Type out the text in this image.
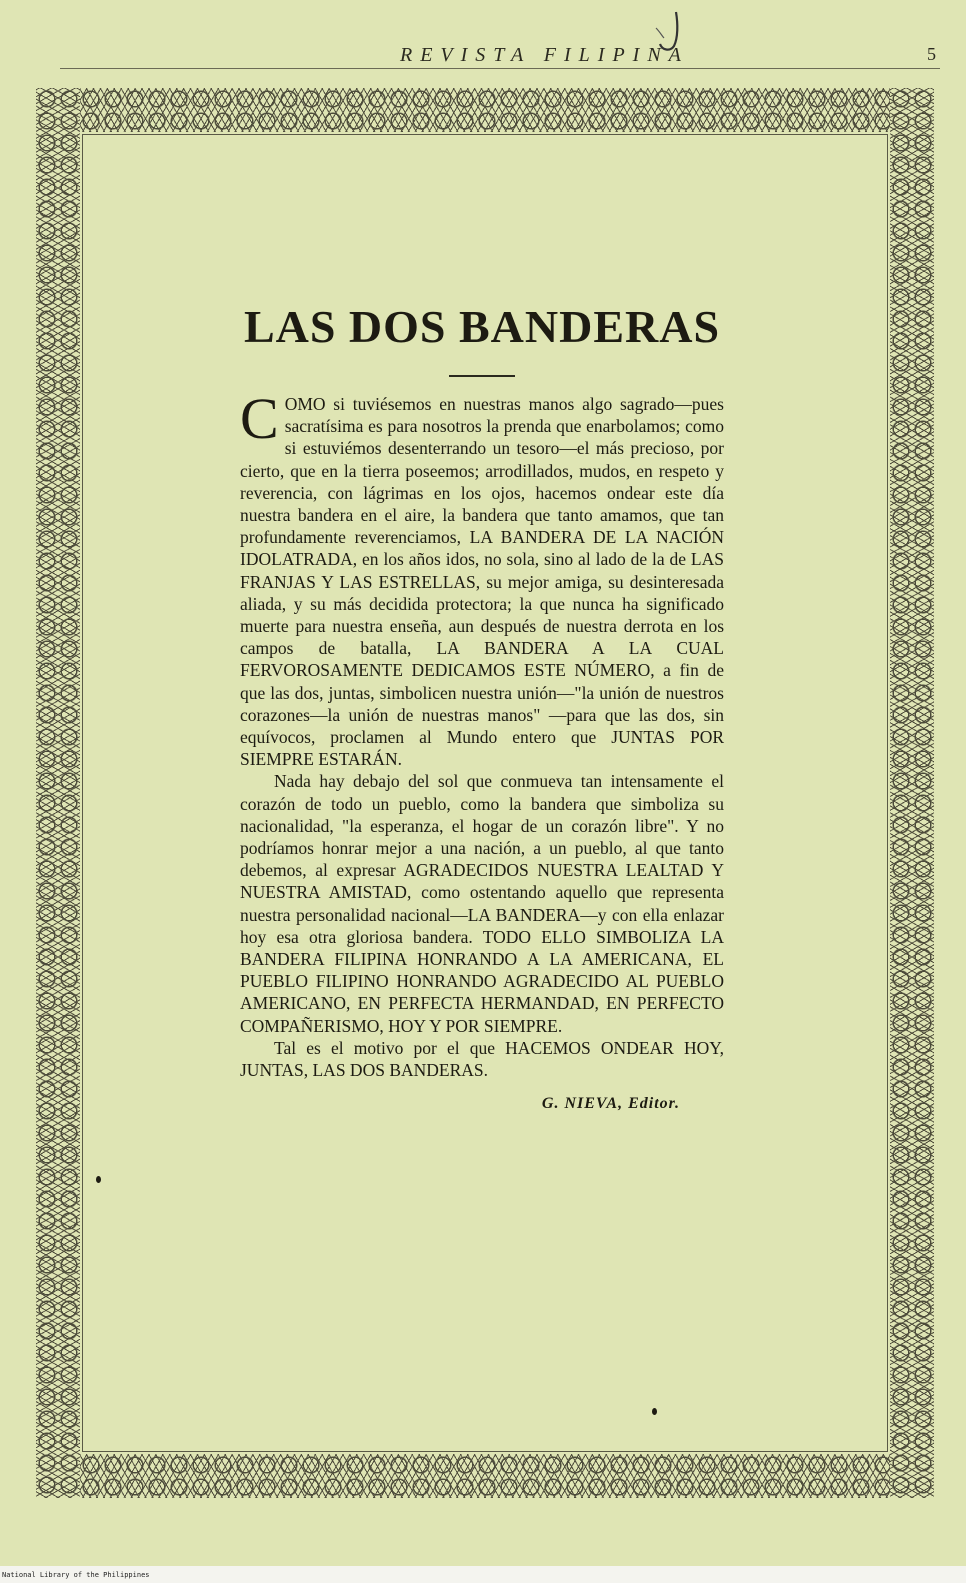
REVISTA FILIPINA	5
LAS DOS BANDERAS

COMO si tuviésemos en nuestras manos algo sagrado—pues sacratísima es para nosotros la prenda que enarbolamos; como si estuviémos desenterrando un tesoro—el más precioso, por cierto, que en la tierra poseemos; arrodillados, mudos, en respeto y reverencia, con lágrimas en los ojos, hacemos ondear este día nuestra bandera en el aire, la bandera que tanto amamos, que tan profundamente reverenciamos, LA BANDERA DE LA NACIÓN IDOLATRADA, en los años idos, no sola, sino al lado de la de LAS FRANJAS Y LAS ESTRELLAS, su mejor amiga, su desinteresada aliada, y su más decidida protectora; la que nunca ha significado muerte para nuestra enseña, aun después de nuestra derrota en los campos de batalla, LA BANDERA A LA CUAL FERVOROSAMENTE DEDICAMOS ESTE NÚMERO, a fin de que las dos, juntas, simbolicen nuestra unión—"la unión de nuestros corazones—la unión de nuestras manos" —para que las dos, sin equívocos, proclamen al Mundo entero que JUNTAS POR SIEMPRE ESTARÁN.

Nada hay debajo del sol que conmueva tan intensamente el corazón de todo un pueblo, como la bandera que simboliza su nacionalidad, "la esperanza, el hogar de un corazón libre". Y no podríamos honrar mejor a una nación, a un pueblo, al que tanto debemos, al expresar AGRADECIDOS NUESTRA LEALTAD Y NUESTRA AMISTAD, como ostentando aquello que representa nuestra personalidad nacional—LA BANDERA—y con ella enlazar hoy esa otra gloriosa bandera. TODO ELLO SIMBOLIZA LA BANDERA FILIPINA HONRANDO A LA AMERICANA, EL PUEBLO FILIPINO HONRANDO AGRADECIDO AL PUEBLO AMERICANO, EN PERFECTA HERMANDAD, EN PERFECTO COMPAÑERISMO, HOY Y POR SIEMPRE.

Tal es el motivo por el que HACEMOS ONDEAR HOY, JUNTAS, LAS DOS BANDERAS.

G. NIEVA, Editor.
National Library of the Philippines
